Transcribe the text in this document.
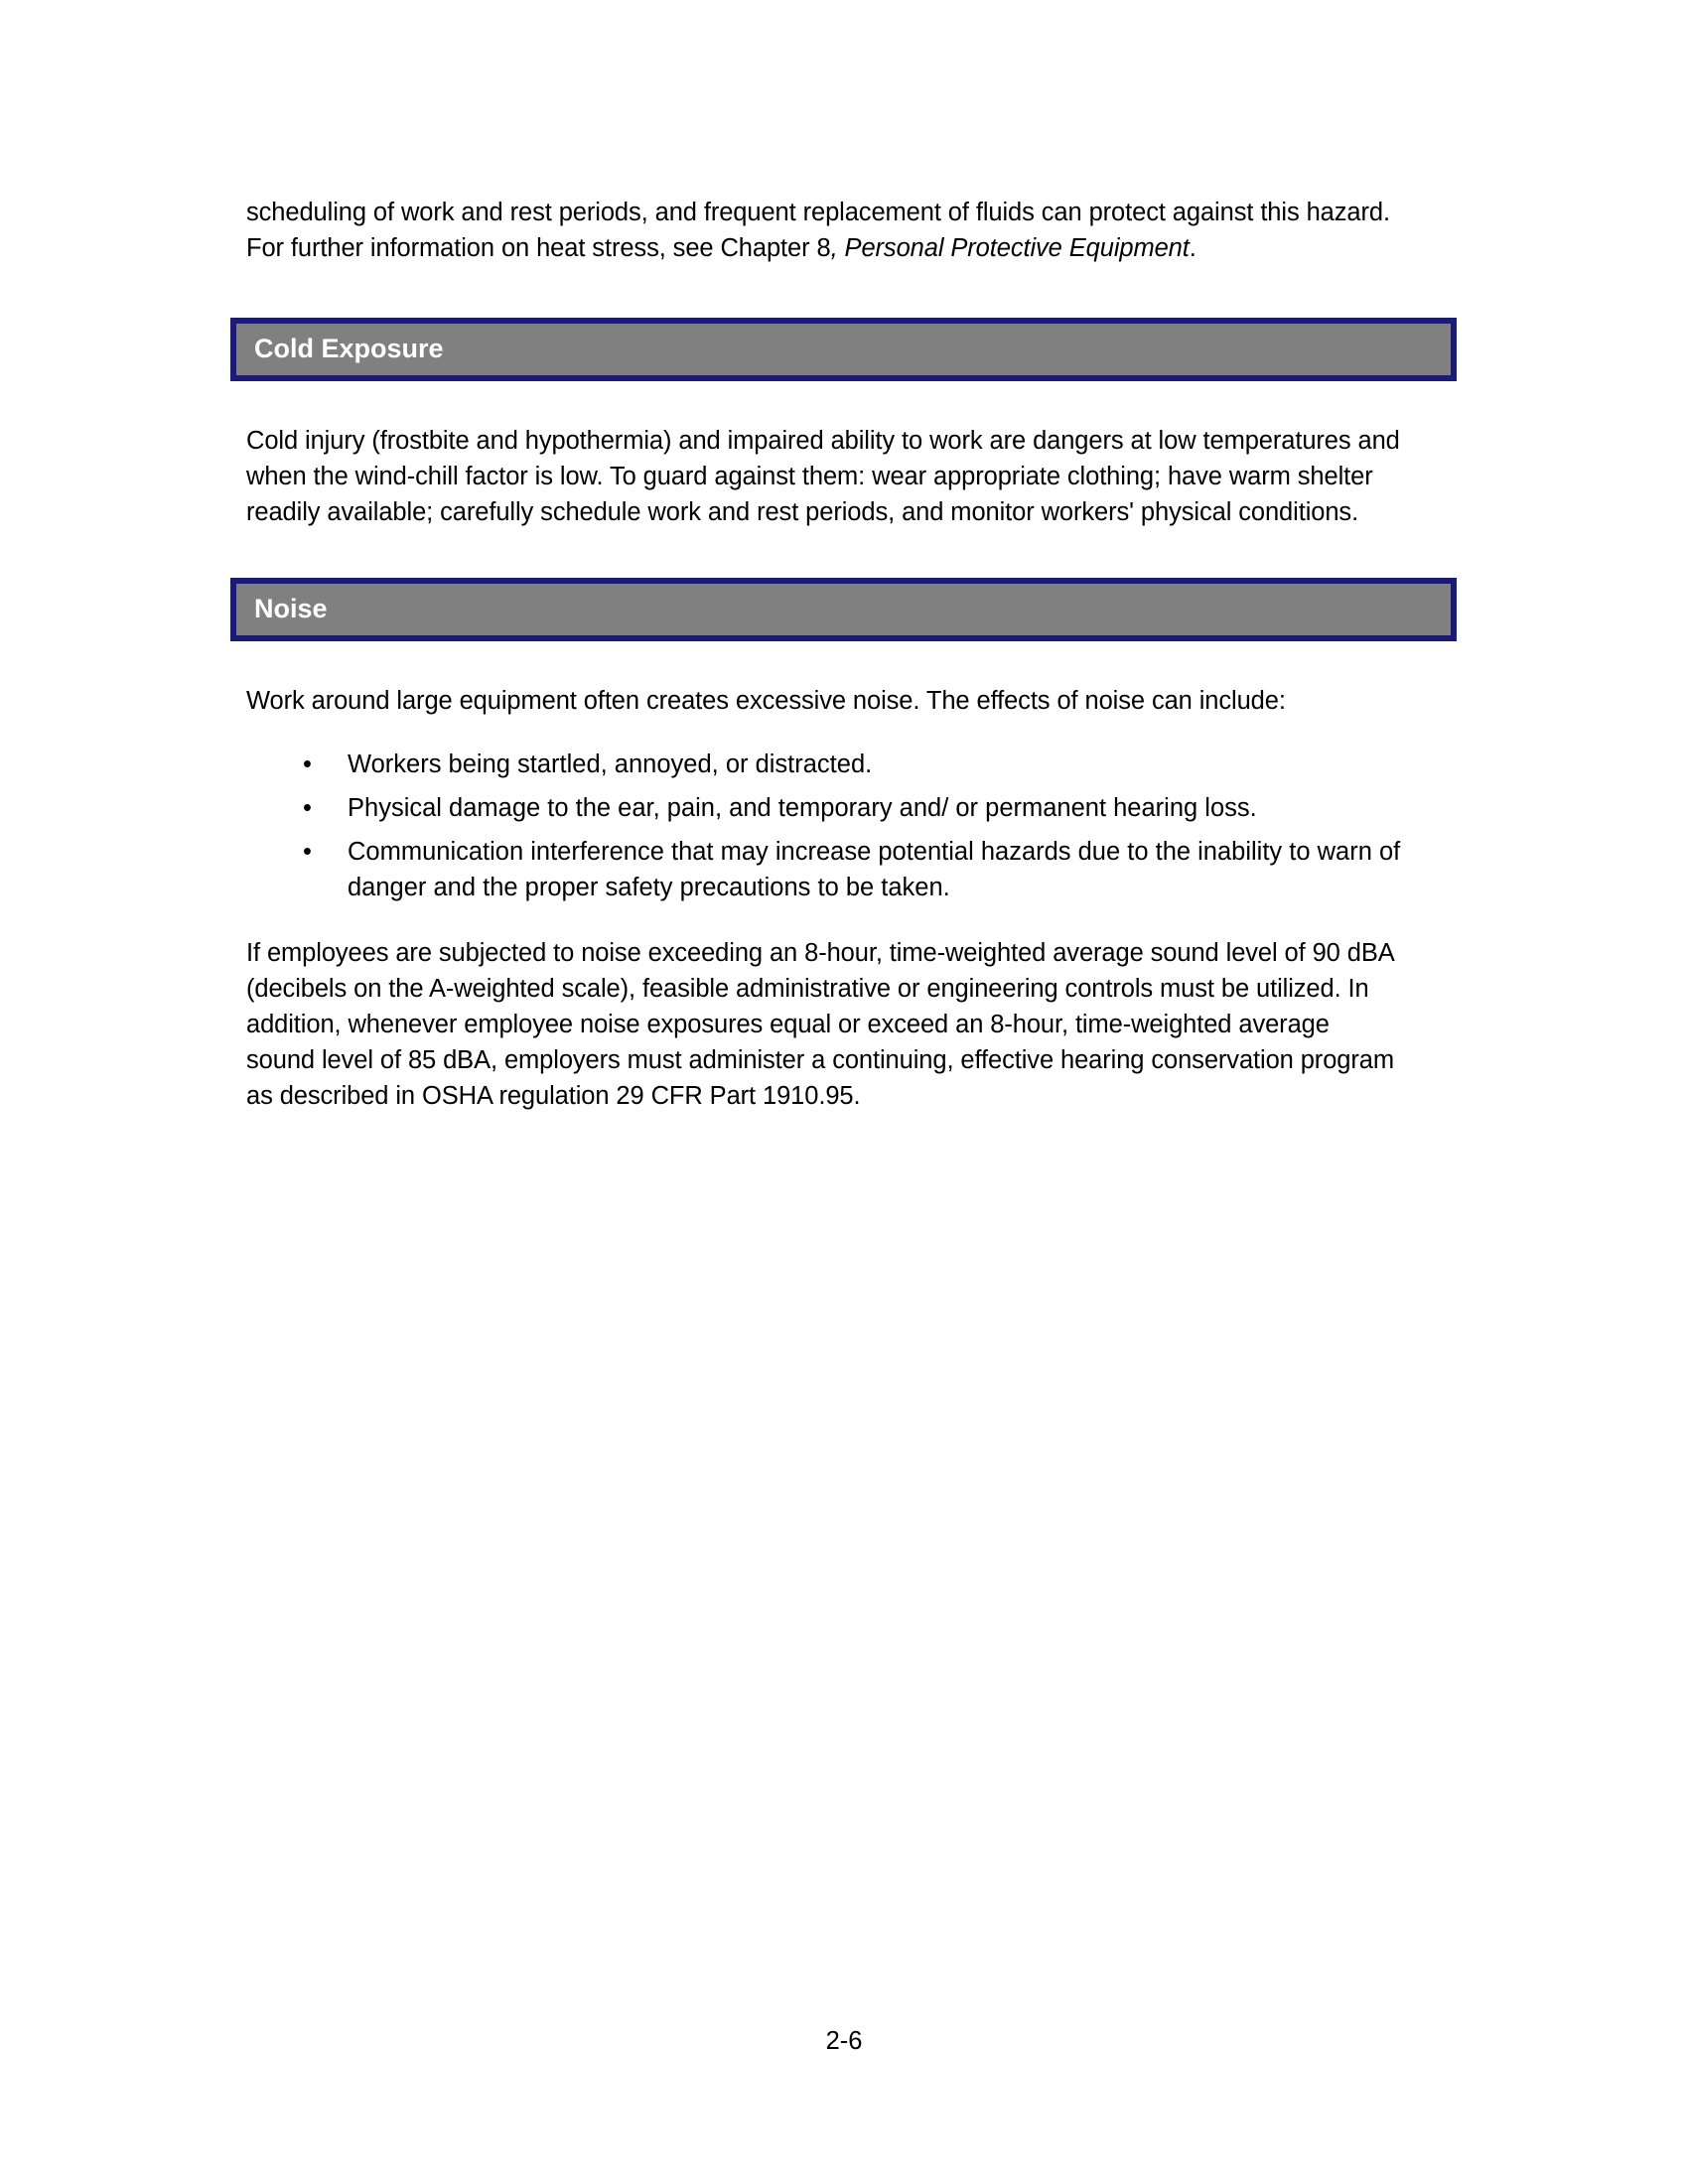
scheduling of work and rest periods, and frequent replacement of fluids can protect against this hazard. For further information on heat stress, see Chapter 8, Personal Protective Equipment.

Cold Exposure

Cold injury (frostbite and hypothermia) and impaired ability to work are dangers at low temperatures and when the wind-chill factor is low. To guard against them: wear appropriate clothing; have warm shelter readily available; carefully schedule work and rest periods, and monitor workers' physical conditions.

Noise

Work around large equipment often creates excessive noise. The effects of noise can include:

• Workers being startled, annoyed, or distracted.
• Physical damage to the ear, pain, and temporary and/ or permanent hearing loss.
• Communication interference that may increase potential hazards due to the inability to warn of danger and the proper safety precautions to be taken.

If employees are subjected to noise exceeding an 8-hour, time-weighted average sound level of 90 dBA (decibels on the A-weighted scale), feasible administrative or engineering controls must be utilized. In addition, whenever employee noise exposures equal or exceed an 8-hour, time-weighted average sound level of 85 dBA, employers must administer a continuing, effective hearing conservation program as described in OSHA regulation 29 CFR Part 1910.95.

2-6
